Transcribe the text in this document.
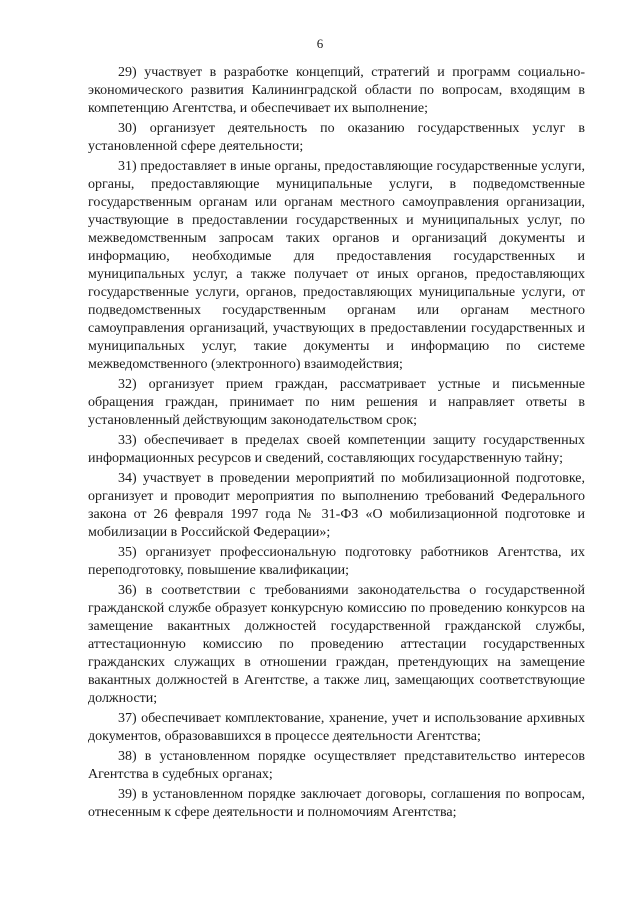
6

29) участвует в разработке концепций, стратегий и программ социально-экономического развития Калининградской области по вопросам, входящим в компетенцию Агентства, и обеспечивает их выполнение;

30) организует деятельность по оказанию государственных услуг в установленной сфере деятельности;

31) предоставляет в иные органы, предоставляющие государственные услуги, органы, предоставляющие муниципальные услуги, в подведомственные государственным органам или органам местного самоуправления организации, участвующие в предоставлении государственных и муниципальных услуг, по межведомственным запросам таких органов и организаций документы и информацию, необходимые для предоставления государственных и муниципальных услуг, а также получает от иных органов, предоставляющих государственные услуги, органов, предоставляющих муниципальные услуги, от подведомственных государственным органам или органам местного самоуправления организаций, участвующих в предоставлении государственных и муниципальных услуг, такие документы и информацию по системе межведомственного (электронного) взаимодействия;

32) организует прием граждан, рассматривает устные и письменные обращения граждан, принимает по ним решения и направляет ответы в установленный действующим законодательством срок;

33) обеспечивает в пределах своей компетенции защиту государственных информационных ресурсов и сведений, составляющих государственную тайну;

34) участвует в проведении мероприятий по мобилизационной подготовке, организует и проводит мероприятия по выполнению требований Федерального закона от 26 февраля 1997 года № 31-ФЗ «О мобилизационной подготовке и мобилизации в Российской Федерации»;

35) организует профессиональную подготовку работников Агентства, их переподготовку, повышение квалификации;

36) в соответствии с требованиями законодательства о государственной гражданской службе образует конкурсную комиссию по проведению конкурсов на замещение вакантных должностей государственной гражданской службы, аттестационную комиссию по проведению аттестации государственных гражданских служащих в отношении граждан, претендующих на замещение вакантных должностей в Агентстве, а также лиц, замещающих соответствующие должности;

37) обеспечивает комплектование, хранение, учет и использование архивных документов, образовавшихся в процессе деятельности Агентства;

38) в установленном порядке осуществляет представительство интересов Агентства в судебных органах;

39) в установленном порядке заключает договоры, соглашения по вопросам, отнесенным к сфере деятельности и полномочиям Агентства;
